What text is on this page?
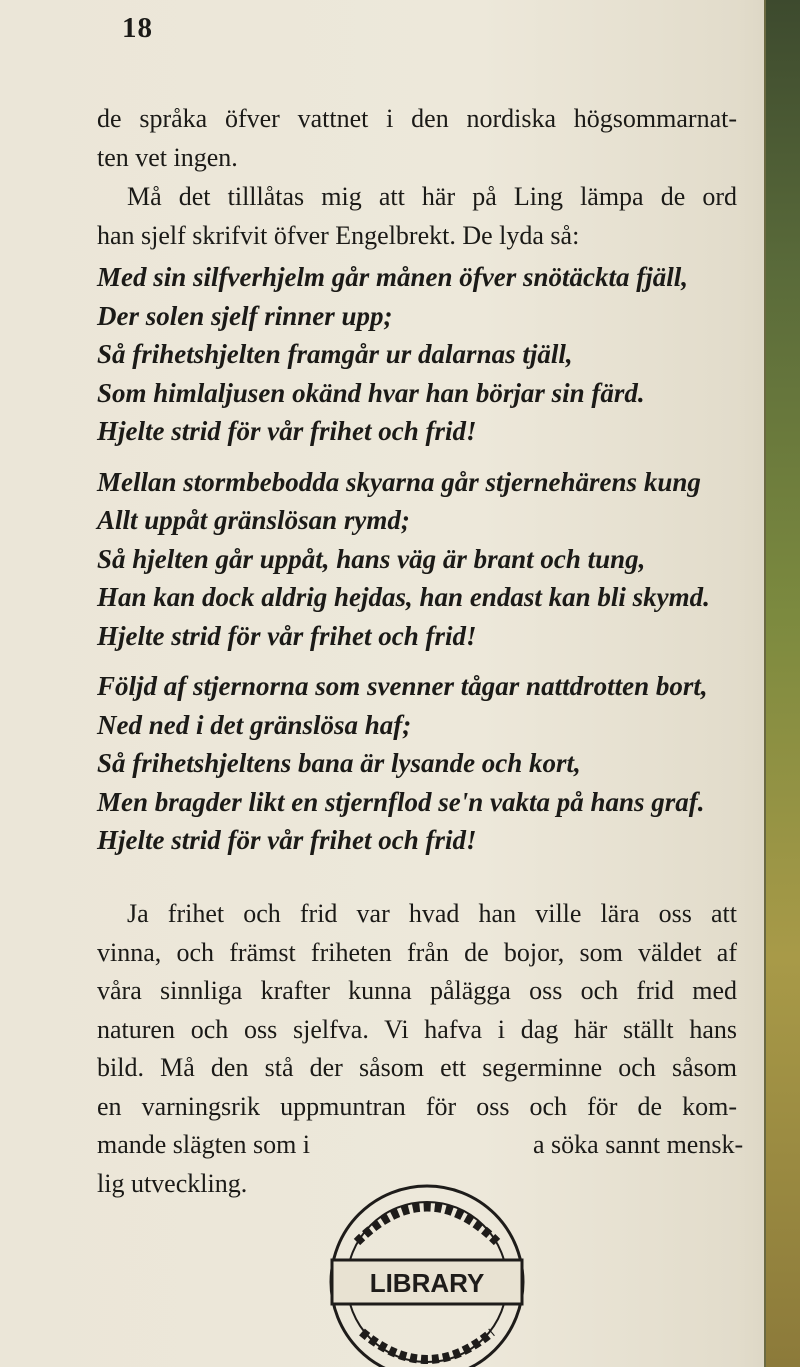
18
de språka öfver vattnet i den nordiska högsommarnat-
ten vet ingen.
Må det tilllåtas mig att här på Ling lämpa de ord
han sjelf skrifvit öfver Engelbrekt. De lyda så:
Med sin silfverhjelm går månen öfver snötäckta fjäll,
Der solen sjelf rinner upp;
Så frihetshjelten framgår ur dalarnas tjäll,
Som himlaljusen okänd hvar han börjar sin färd.
Hjelte strid för vår frihet och frid!
Mellan stormbebodda skyarna går stjernehärens kung
Allt uppåt gränslösan rymd;
Så hjelten går uppåt, hans väg är brant och tung,
Han kan dock aldrig hejdas, han endast kan bli skymd.
Hjelte strid för vår frihet och frid!
Följd af stjernorna som svenner tågar nattdrotten bort,
Ned ned i det gränslösa haf;
Så frihetshjeltens bana är lysande och kort,
Men bragder likt en stjernflod se'n vakta på hans graf.
Hjelte strid för vår frihet och frid!
Ja frihet och frid var hvad han ville lära oss att
vinna, och främst friheten från de bojor, som väldet af
våra sinnliga krafter kunna pålägga oss och frid med
naturen och oss sjelfva. Vi hafva i dag här ställt hans
bild. Må den stå der såsom ett segerminne och såsom
en varningsrik uppmuntran för oss och för de kom-
mande slägten som i	a söka sannt mensk-
lig utveckling.
LIBRARY
